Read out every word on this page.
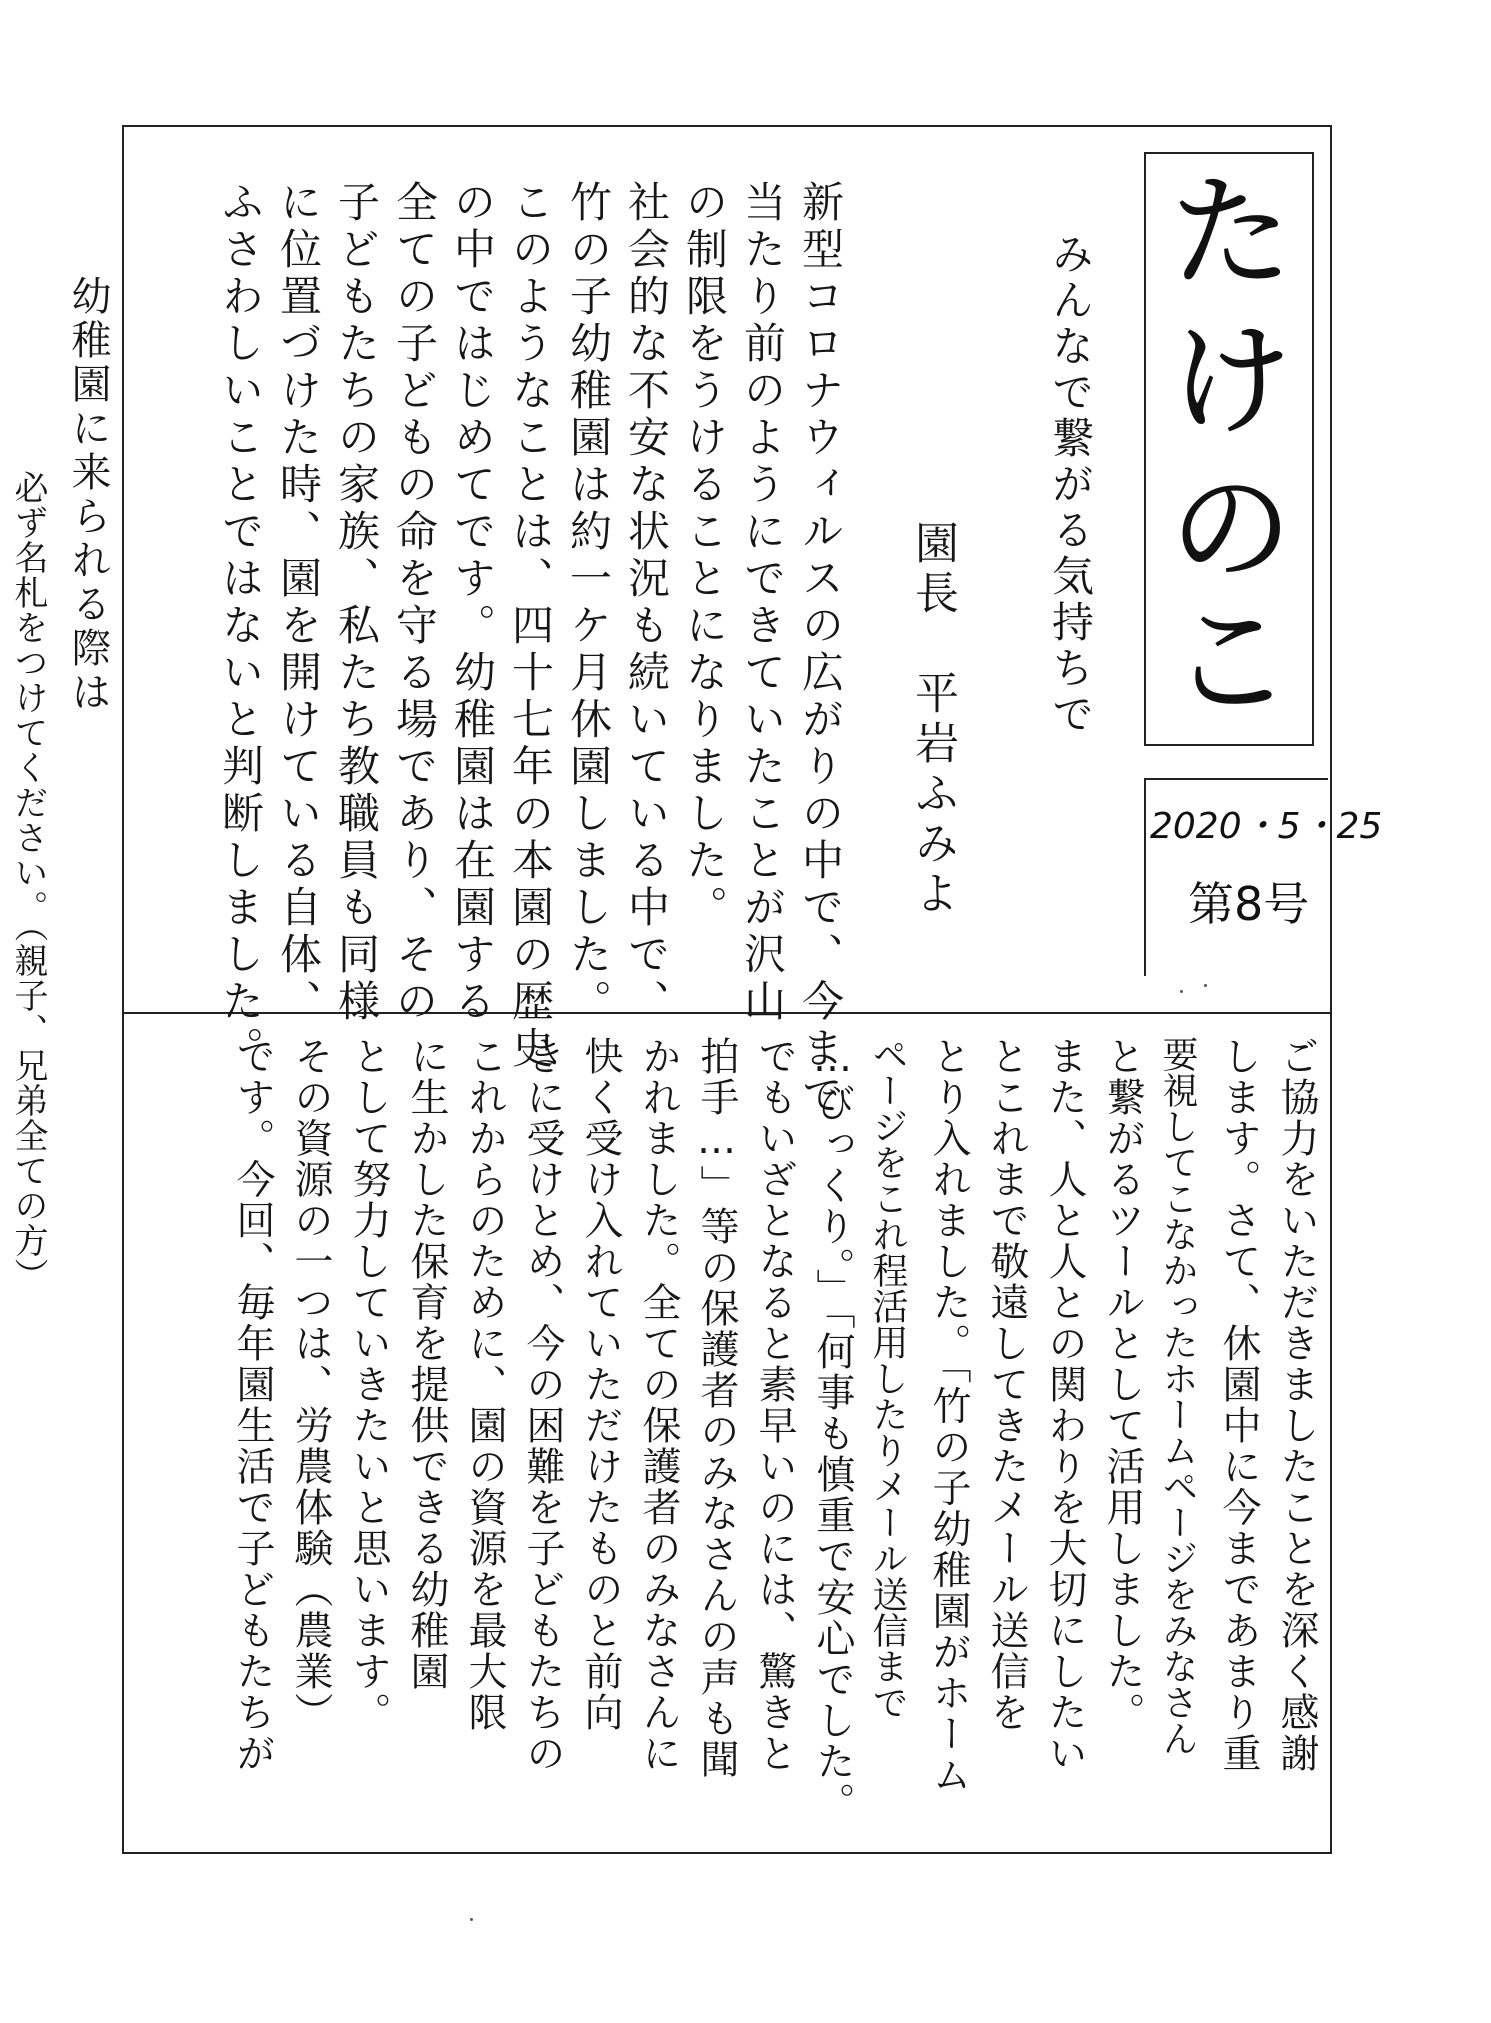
た
け
の
こ
2020・5・25
第8号
みんなで繋がる気持ちで
園長　平岩ふみよ
新型コロナウィルスの広がりの中で、今まで
当たり前のようにできていたことが沢山
の制限をうけることになりました。
社会的な不安な状況も続いている中で、
竹の子幼稚園は約一ケ月休園しました。
このようなことは、四十七年の本園の歴史
の中ではじめてです。幼稚園は在園する
全ての子どもの命を守る場であり、その
子どもたちの家族、私たち教職員も同様
に位置づけた時、園を開けている自体、
ふさわしいことではないと判断しました。
ご協力をいただきましたことを深く感謝
します。さて、休園中に今まであまり重
要視してこなかったホームページをみなさん
と繋がるツールとして活用しました。
また、人と人との関わりを大切にしたい
とこれまで敬遠してきたメール送信を
とり入れました。「竹の子幼稚園がホーム
ページをこれ程活用したりメール送信まで
…びっくり。」「何事も慎重で安心でした。
でもいざとなると素早いのには、驚きと
拍手…」等の保護者のみなさんの声も聞
かれました。全ての保護者のみなさんに
快く受け入れていただけたものと前向
きに受けとめ、今の困難を子どもたちの
これからのために、園の資源を最大限
に生かした保育を提供できる幼稚園
として努力していきたいと思います。
その資源の一つは、労農体験（農業）
です。今回、毎年園生活で子どもたちが
幼稚園に来られる際は
必ず名札をつけてください。（親子、兄弟全ての方）
